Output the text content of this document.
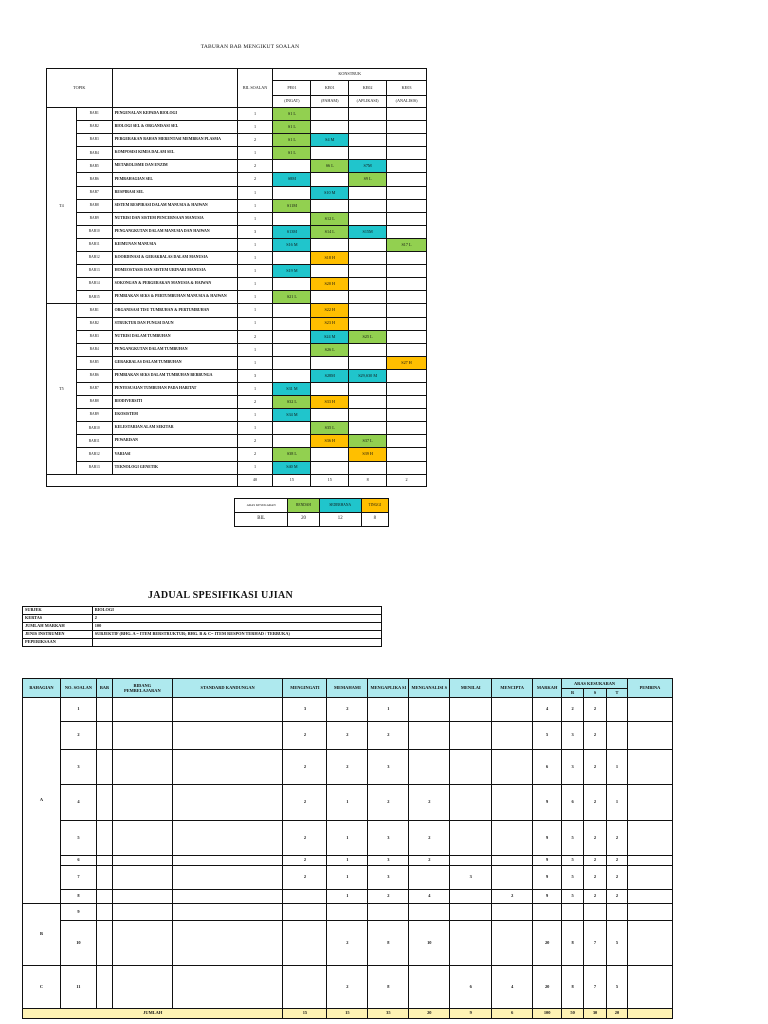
TABURAN BAB MENGIKUT SOALAN
TOPIK			BIL SOALAN	KONSTRUK			
				PE01	KE01	KE02	KE03
				(INGAT)	(FAHAM)	(APLIKASI)	(ANALISIS)
T4	BAB1	PENGENALAN KEPADA BIOLOGI	1	S1 L			
	BAB2	BIOLOGI SEL & ORGANISASI SEL	1	S1 L			
	BAB3	PERGERAKAN BAHAN MERENTASI MEMBRAN PLASMA	2	S1 L	S4 M		
	BAB4	KOMPOSISI KIMIA DALAM SEL	1	S1 L			
	BAB5	METABOLISME DAN ENZIM	2		S6 L	S7M	
	BAB6	PEMBAHAGIAN SEL	2	S8M		S9 L	
	BAB7	RESPIRASI SEL	1		S10 M		
	BAB8	SISTEM RESPIRASI DALAM MANUSIA & HAIWAN	1	S11M			
	BAB9	NUTRISI DAN SISTEM PENCERNAAN MANUSIA	1		S12 L		
	BAB10	PENGANGKUTAN DALAM MANUSIA DAN HAIWAN	3	S13M	S14 L	S15M	
	BAB11	KEIMUNAN MANUSIA	1	S16 M			S17 L
	BAB12	KOORDINASI & GERAKBALAS DALAM MANUSIA	1		S18 H		
	BAB13	HOMEOSTASIS DAN SISTEM URINARI MANUSIA	1	S19 M			
	BAB14	SOKONGAN & PERGERAKAN MANUSIA & HAIWAN	1		S20 H		
	BAB15	PEMBIAKAN SEKS & PERTUMBUHAN MANUSIA & HAIWAN	1	S21 L			
T5	BAB1	ORGANISASI TISU TUMBUHAN & PERTUMBUHAN	1		S22 H		
	BAB2	STRUKTUR DAN FUNGSI DAUN	1		S23 H		
	BAB3	NUTRISI DALAM TUMBUHAN	2		S24 M	S25 L	
	BAB4	PENGANGKUTAN DALAM TUMBUHAN	1		S26 L		
	BAB5	GERAKBALAS DALAM TUMBUHAN	1				S27 H
	BAB6	PEMBIAKAN SEKS DALAM TUMBUHAN BERBUNGA	3		S28M	S29,S30 M	
	BAB7	PENYESUAIAN TUMBUHAN PADA HABITAT	1	S31 M			
	BAB8	BIODIVERSITI	2	S32 L	S33 H		
	BAB9	EKOSISTEM	1	S34 M			
	BAB10	KELESTARIAN ALAM SEKITAR	1		S35 L		
	BAB11	PEWARISAN	2		S36 H	S37 L	
	BAB12	VARIASI	2	S38 L		S39 H	
	BAB13	TEKNOLOGI GENETIK	1	S40 M			
			40	15	15	8	2
ARAS KESUKARAN	RENDAH	SEDERHANA	TINGGI
BIL	20	12	8
JADUAL SPESIFIKASI UJIAN
SUBJEK	BIOLOGI
KERTAS	2
JUMLAH MARKAH	100
JENIS INSTRUMEN	SUBJEKTIF (BHG. A = ITEM BERSTRUKTUR; BHG. B & C= ITEM RESPON TERHAD / TERBUKA)
PEPERIKSAAN	
BAHAGIAN	NO. SOALAN	BAB	BIDANG PEMBELAJARAN	STANDARD KANDUNGAN	MENGINGATI	MEMAHAMI	MENGAPLIKA SI	MENGANALISI S	MENILAI	MENCIPTA	MARKAH	ARAS KESUKARAN			PEMBINA
												R	S	T	
A	1				3	2	1				4	2	2		
	2				2	2	2				5	3	2		
	3				2	2	3				6	3	2	1	
	4				2	1	2	2			9	6	2	1	
	5				2	1	3	2			9	5	2	2	
	6				2	1	3	2			9	5	2	2	
	7				2	1	3		3		9	5	2	2	
	8					1	2	4		2	9	5	2	2	
B	9														
	10					2	8	10			20	8	7	5	
C	11					2	8		6	4	20	8	7	5	
JUMLAH					15	15	35	20	9	6	100	50	30	20	
